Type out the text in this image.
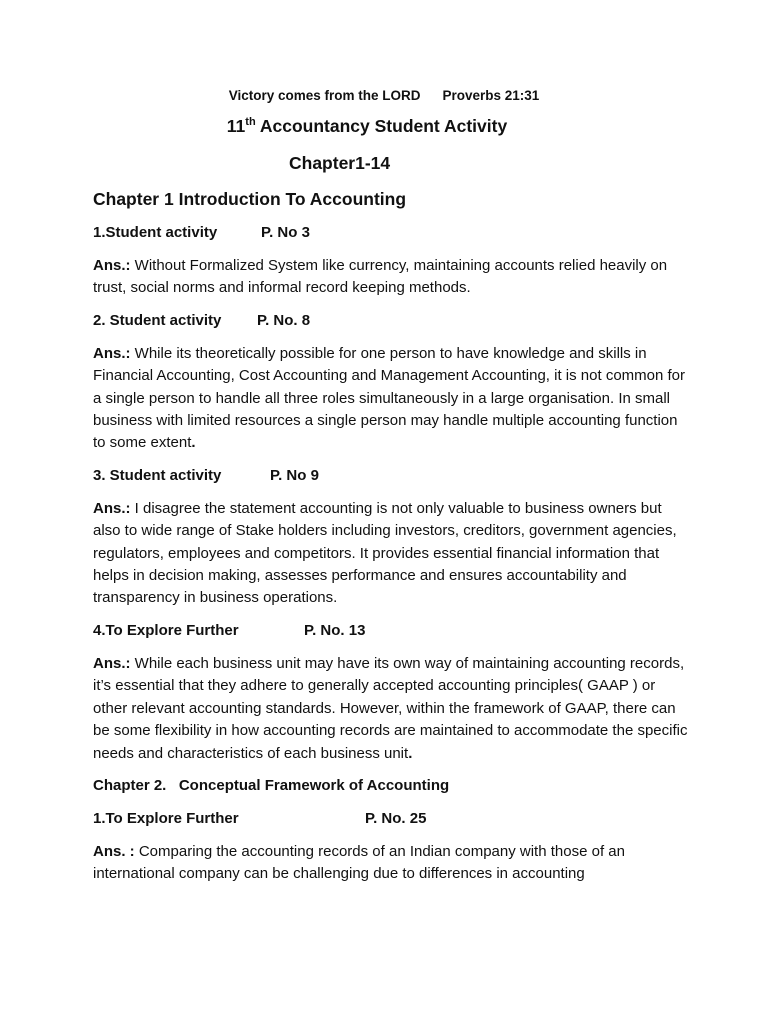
Victory comes from the LORD Proverbs 21:31
11th Accountancy Student Activity
Chapter1-14
Chapter 1 Introduction To Accounting
1.Student activity	P. No 3

Ans.: Without Formalized System like currency, maintaining accounts relied heavily on trust, social norms and informal record keeping methods.

2. Student activity P. No. 8

Ans.: While its theoretically possible for one person to have knowledge and skills in Financial Accounting, Cost Accounting and Management Accounting, it is not common for a single person to handle all three roles simultaneously in a large organisation. In small business with limited resources a single person may handle multiple accounting function to some extent.

3. Student activity	P. No 9

Ans.: I disagree the statement accounting is not only valuable to business owners but also to wide range of Stake holders including investors, creditors, government agencies, regulators, employees and competitors. It provides essential financial information that helps in decision making, assesses performance and ensures accountability and transparency in business operations.

4.To Explore Further	P. No. 13

Ans.: While each business unit may have its own way of maintaining accounting records, it’s essential that they adhere to generally accepted accounting principles( GAAP ) or other relevant accounting standards. However, within the framework of GAAP, there can be some flexibility in how accounting records are maintained to accommodate the specific needs and characteristics of each business unit.

Chapter 2.   Conceptual Framework of Accounting
1.To Explore Further	P. No. 25

Ans. : Comparing the accounting records of an Indian company with those of an international company can be challenging due to differences in accounting
